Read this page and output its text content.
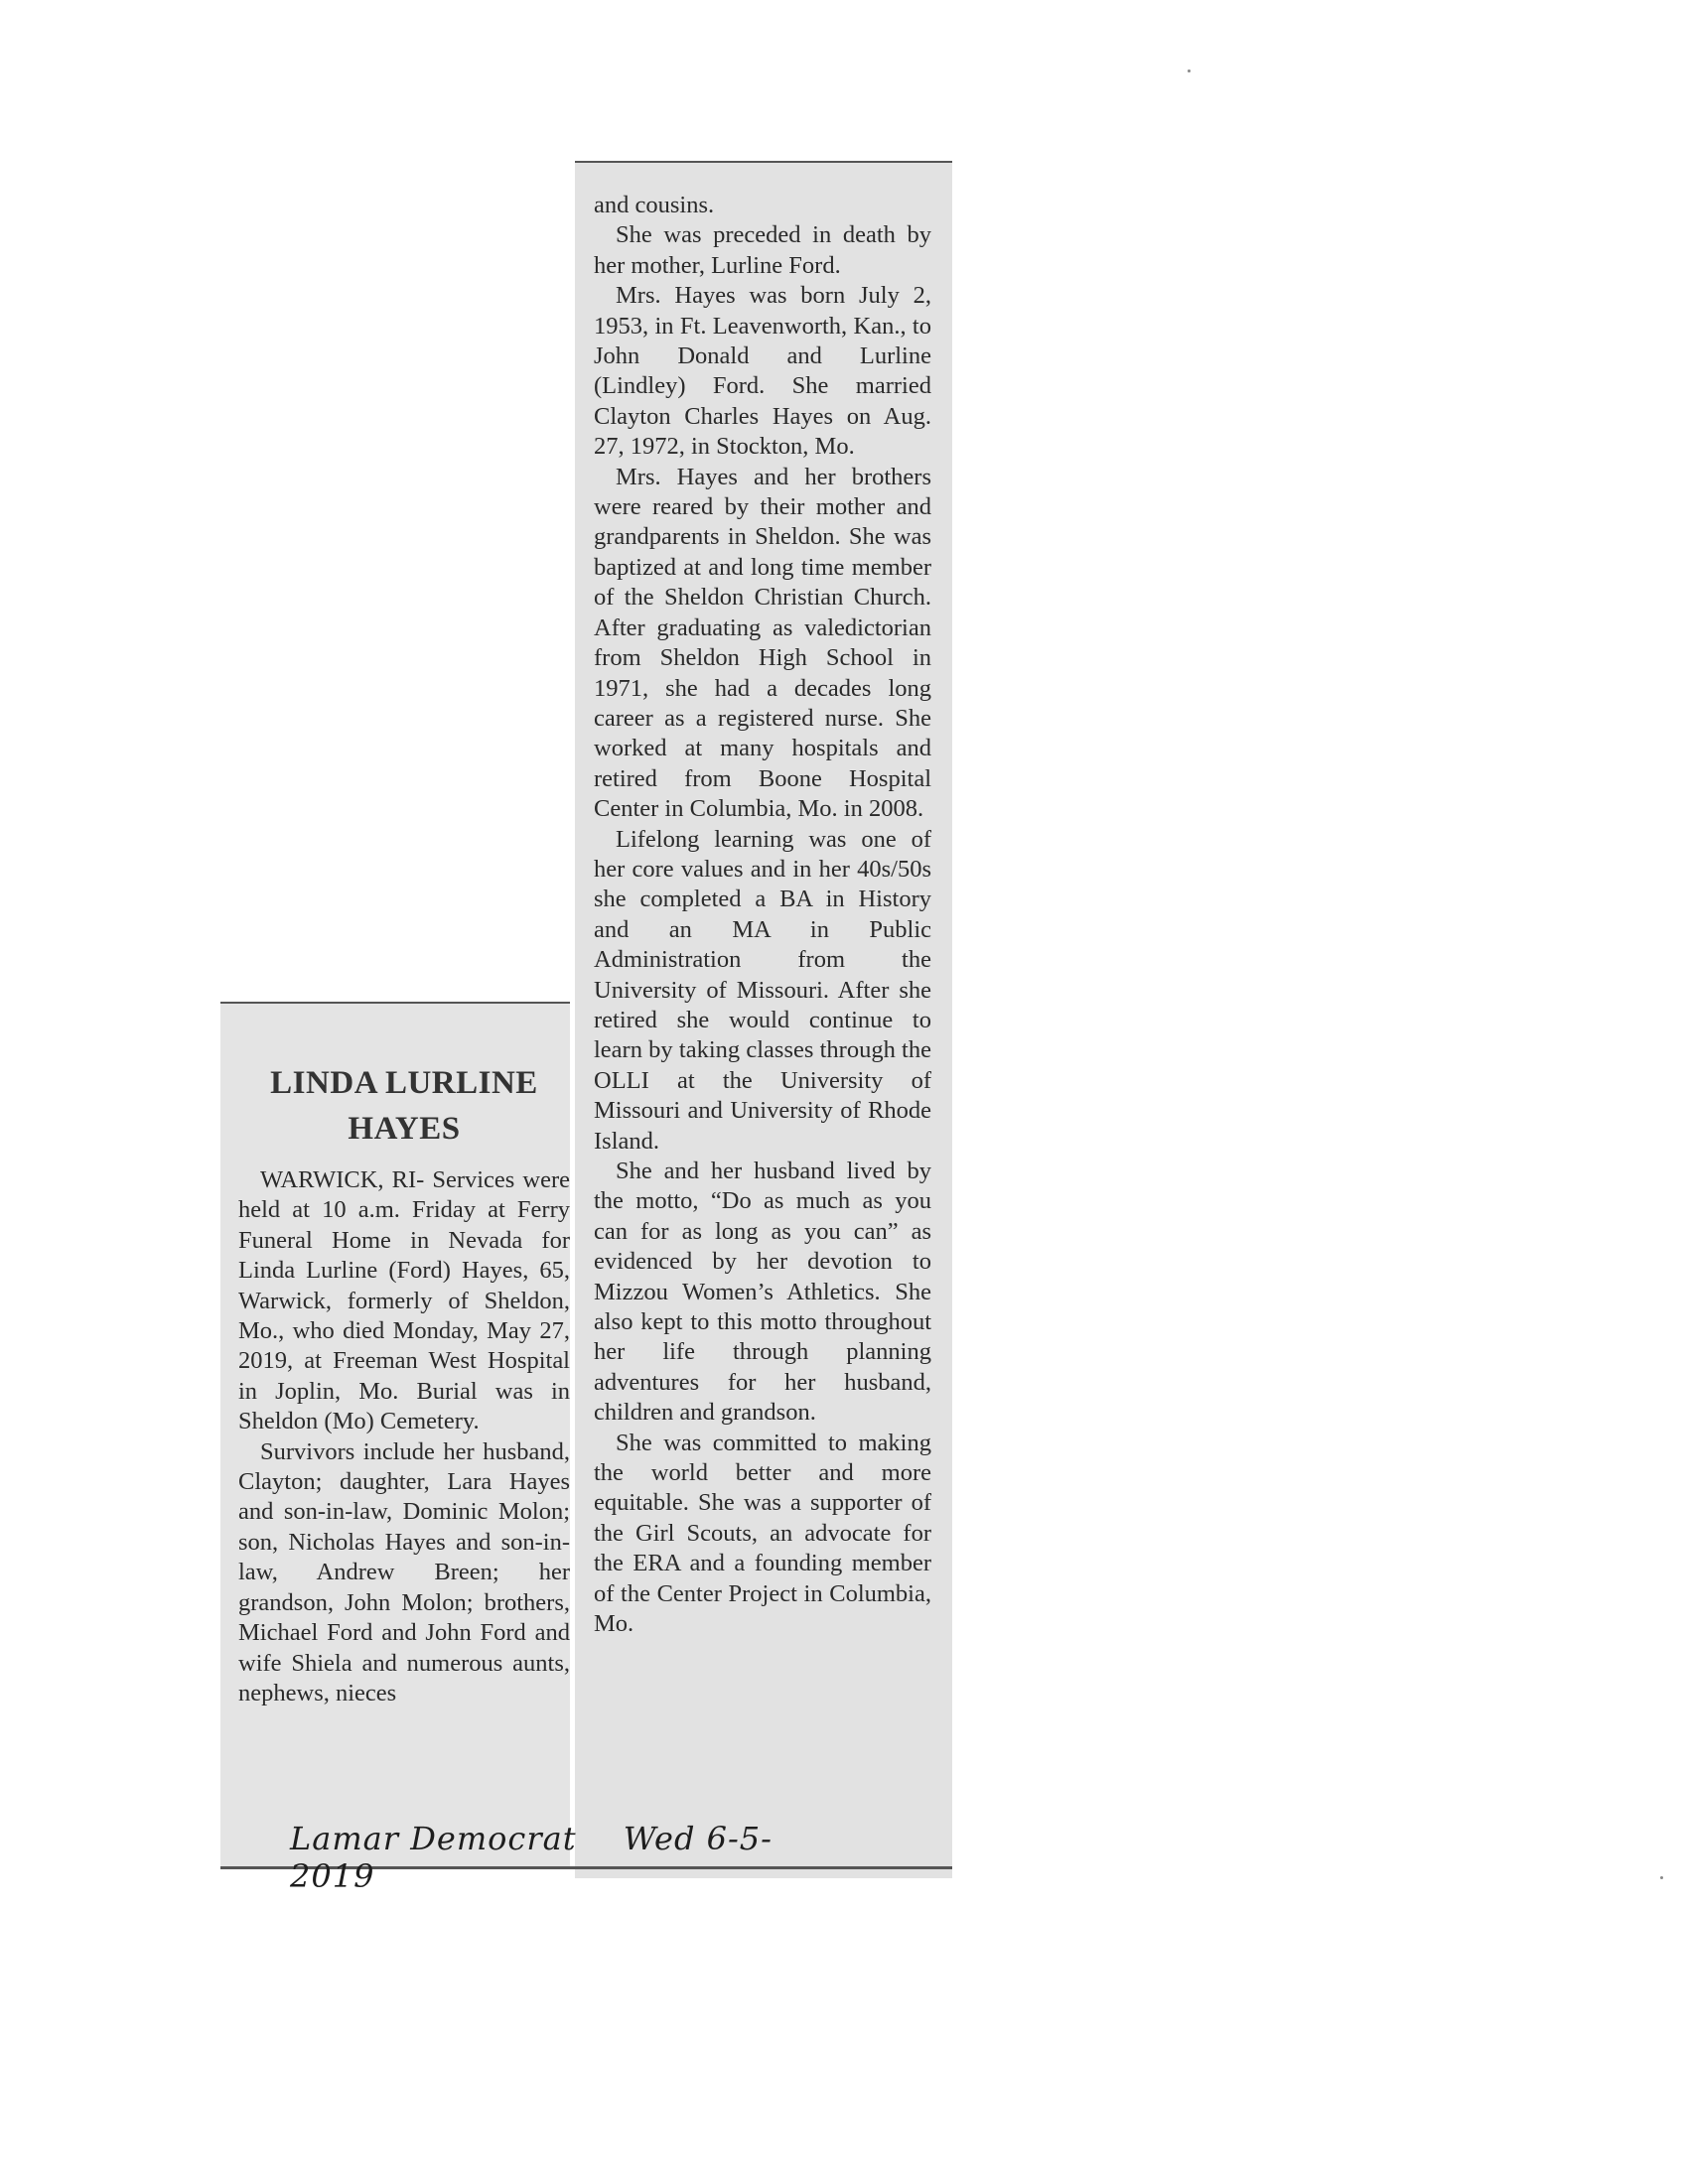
and cousins.

She was preceded in death by her mother, Lurline Ford.

Mrs. Hayes was born July 2, 1953, in Ft. Leavenworth, Kan., to John Donald and Lurline (Lindley) Ford. She married Clayton Charles Hayes on Aug. 27, 1972, in Stockton, Mo.

Mrs. Hayes and her brothers were reared by their mother and grandparents in Sheldon. She was baptized at and long time member of the Sheldon Christian Church. After graduating as valedictorian from Sheldon High School in 1971, she had a decades long career as a registered nurse. She worked at many hospitals and retired from Boone Hospital Center in Columbia, Mo. in 2008.

Lifelong learning was one of her core values and in her 40s/50s she completed a BA in History and an MA in Public Administration from the University of Missouri. After she retired she would continue to learn by taking classes through the OLLI at the University of Missouri and University of Rhode Island.

She and her husband lived by the motto, “Do as much as you can for as long as you can” as evidenced by her devotion to Mizzou Women’s Athletics. She also kept to this motto throughout her life through planning adventures for her husband, children and grandson.

She was committed to making the world better and more equitable. She was a supporter of the Girl Scouts, an advocate for the ERA and a founding member of the Center Project in Columbia, Mo.

LINDA LURLINE HAYES

WARWICK, RI- Services were held at 10 a.m. Friday at Ferry Funeral Home in Nevada for Linda Lurline (Ford) Hayes, 65, Warwick, formerly of Sheldon, Mo., who died Monday, May 27, 2019, at Freeman West Hospital in Joplin, Mo. Burial was in Sheldon (Mo) Cemetery.

Survivors include her husband, Clayton; daughter, Lara Hayes and son-in-law, Dominic Molon; son, Nicholas Hayes and son-in-law, Andrew Breen; her grandson, John Molon; brothers, Michael Ford and John Ford and wife Shiela and numerous aunts, nephews, nieces

Lamar Democrat Wed 6-5-2019
